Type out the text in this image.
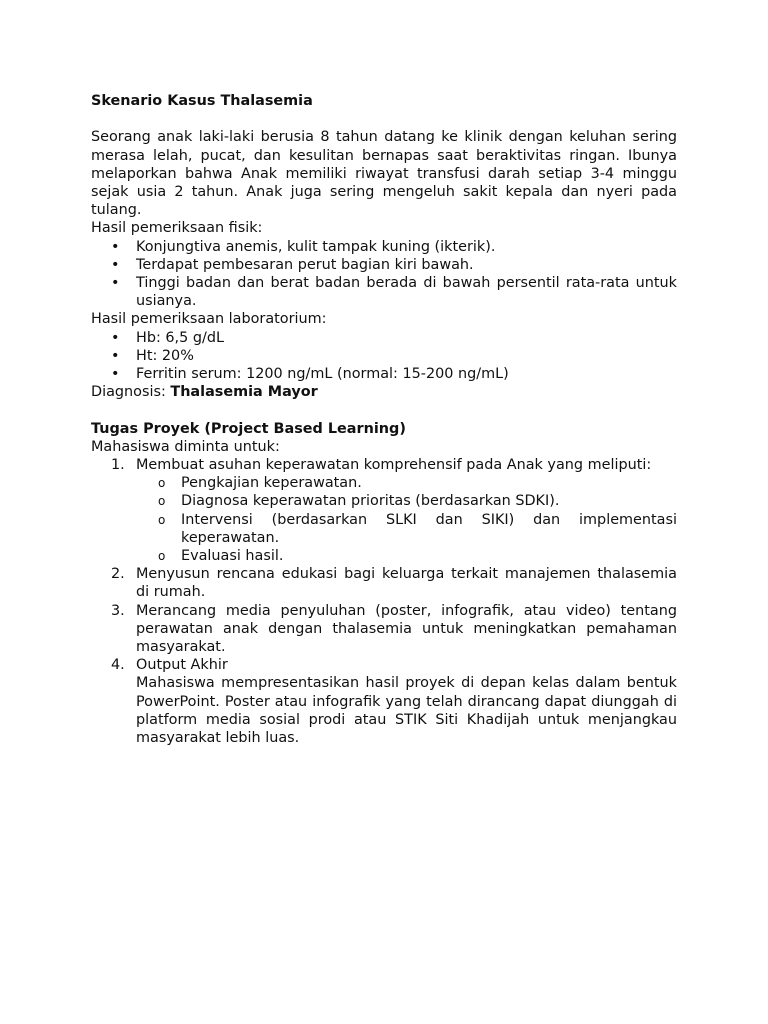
Skenario Kasus Thalasemia

Seorang anak laki-laki berusia 8 tahun datang ke klinik dengan keluhan sering merasa lelah, pucat, dan kesulitan bernapas saat beraktivitas ringan. Ibunya melaporkan bahwa Anak memiliki riwayat transfusi darah setiap 3-4 minggu sejak usia 2 tahun. Anak juga sering mengeluh sakit kepala dan nyeri pada tulang.

Hasil pemeriksaan fisik:

• Konjungtiva anemis, kulit tampak kuning (ikterik).
• Terdapat pembesaran perut bagian kiri bawah.
• Tinggi badan dan berat badan berada di bawah persentil rata-rata untuk usianya.

Hasil pemeriksaan laboratorium:

• Hb: 6,5 g/dL
• Ht: 20%
• Ferritin serum: 1200 ng/mL (normal: 15-200 ng/mL)

Diagnosis: Thalasemia Mayor

Tugas Proyek (Project Based Learning)

Mahasiswa diminta untuk:

1. Membuat asuhan keperawatan komprehensif pada Anak yang meliputi:
o Pengkajian keperawatan.
o Diagnosa keperawatan prioritas (berdasarkan SDKI).
o Intervensi (berdasarkan SLKI dan SIKI) dan implementasi keperawatan.
o Evaluasi hasil.
2. Menyusun rencana edukasi bagi keluarga terkait manajemen thalasemia di rumah.
3. Merancang media penyuluhan (poster, infografik, atau video) tentang perawatan anak dengan thalasemia untuk meningkatkan pemahaman masyarakat.
4. Output Akhir
Mahasiswa mempresentasikan hasil proyek di depan kelas dalam bentuk PowerPoint. Poster atau infografik yang telah dirancang dapat diunggah di platform media sosial prodi atau STIK Siti Khadijah untuk menjangkau masyarakat lebih luas.
